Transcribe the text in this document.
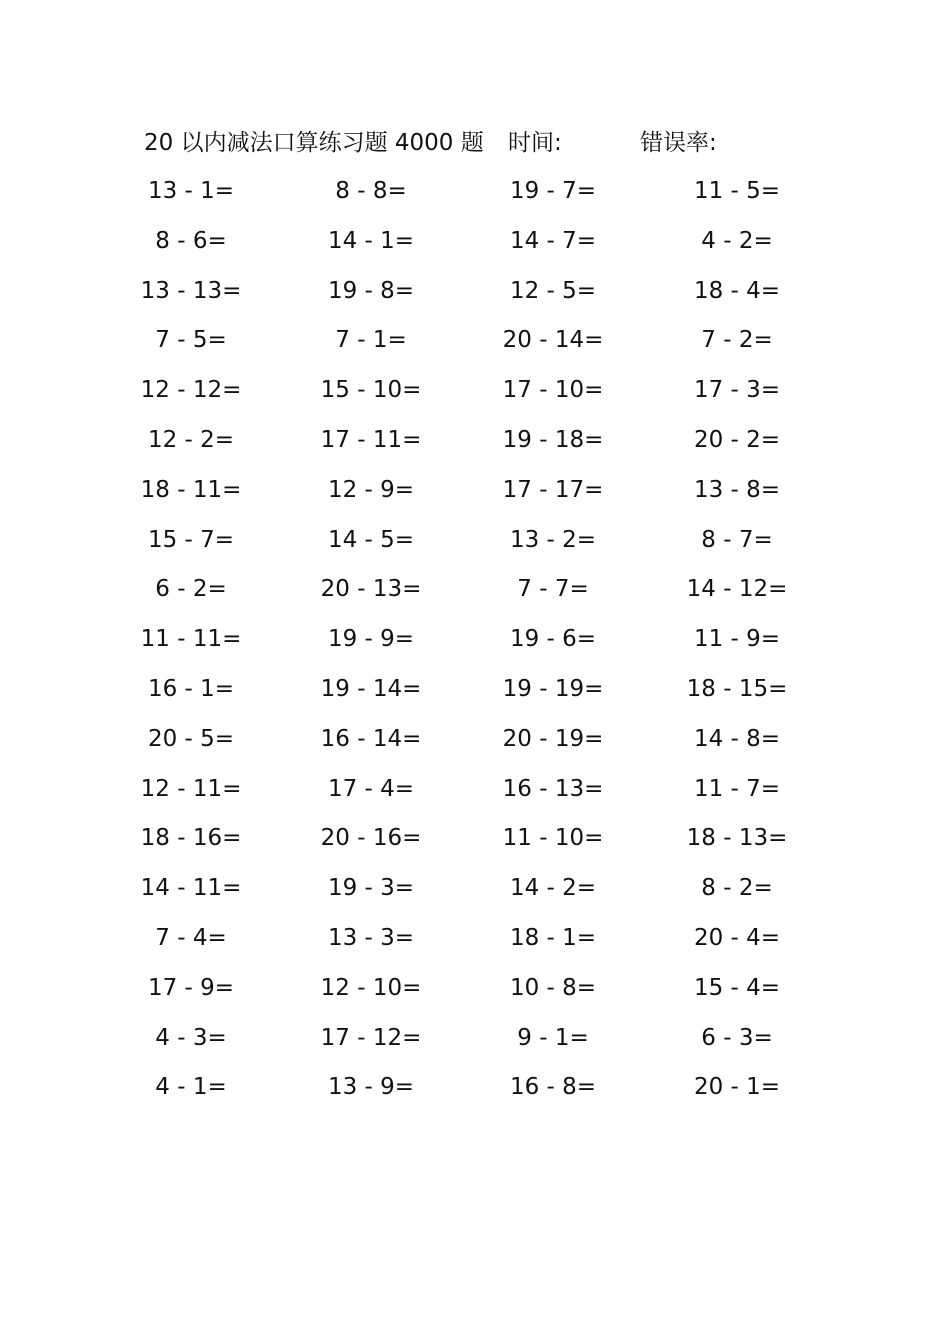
20 以内减法口算练习题 4000 题 时间:	错误率:
13 - 1=	8 - 8=	19 - 7=	11 - 5=
8 - 6=	14 - 1=	14 - 7=	4 - 2=
13 - 13=	19 - 8=	12 - 5=	18 - 4=
7 - 5=	7 - 1=	20 - 14=	7 - 2=
12 - 12=	15 - 10=	17 - 10=	17 - 3=
12 - 2=	17 - 11=	19 - 18=	20 - 2=
18 - 11=	12 - 9=	17 - 17=	13 - 8=
15 - 7=	14 - 5=	13 - 2=	8 - 7=
6 - 2=	20 - 13=	7 - 7=	14 - 12=
11 - 11=	19 - 9=	19 - 6=	11 - 9=
16 - 1=	19 - 14=	19 - 19=	18 - 15=
20 - 5=	16 - 14=	20 - 19=	14 - 8=
12 - 11=	17 - 4=	16 - 13=	11 - 7=
18 - 16=	20 - 16=	11 - 10=	18 - 13=
14 - 11=	19 - 3=	14 - 2=	8 - 2=
7 - 4=	13 - 3=	18 - 1=	20 - 4=
17 - 9=	12 - 10=	10 - 8=	15 - 4=
4 - 3=	17 - 12=	9 - 1=	6 - 3=
4 - 1=	13 - 9=	16 - 8=	20 - 1=
